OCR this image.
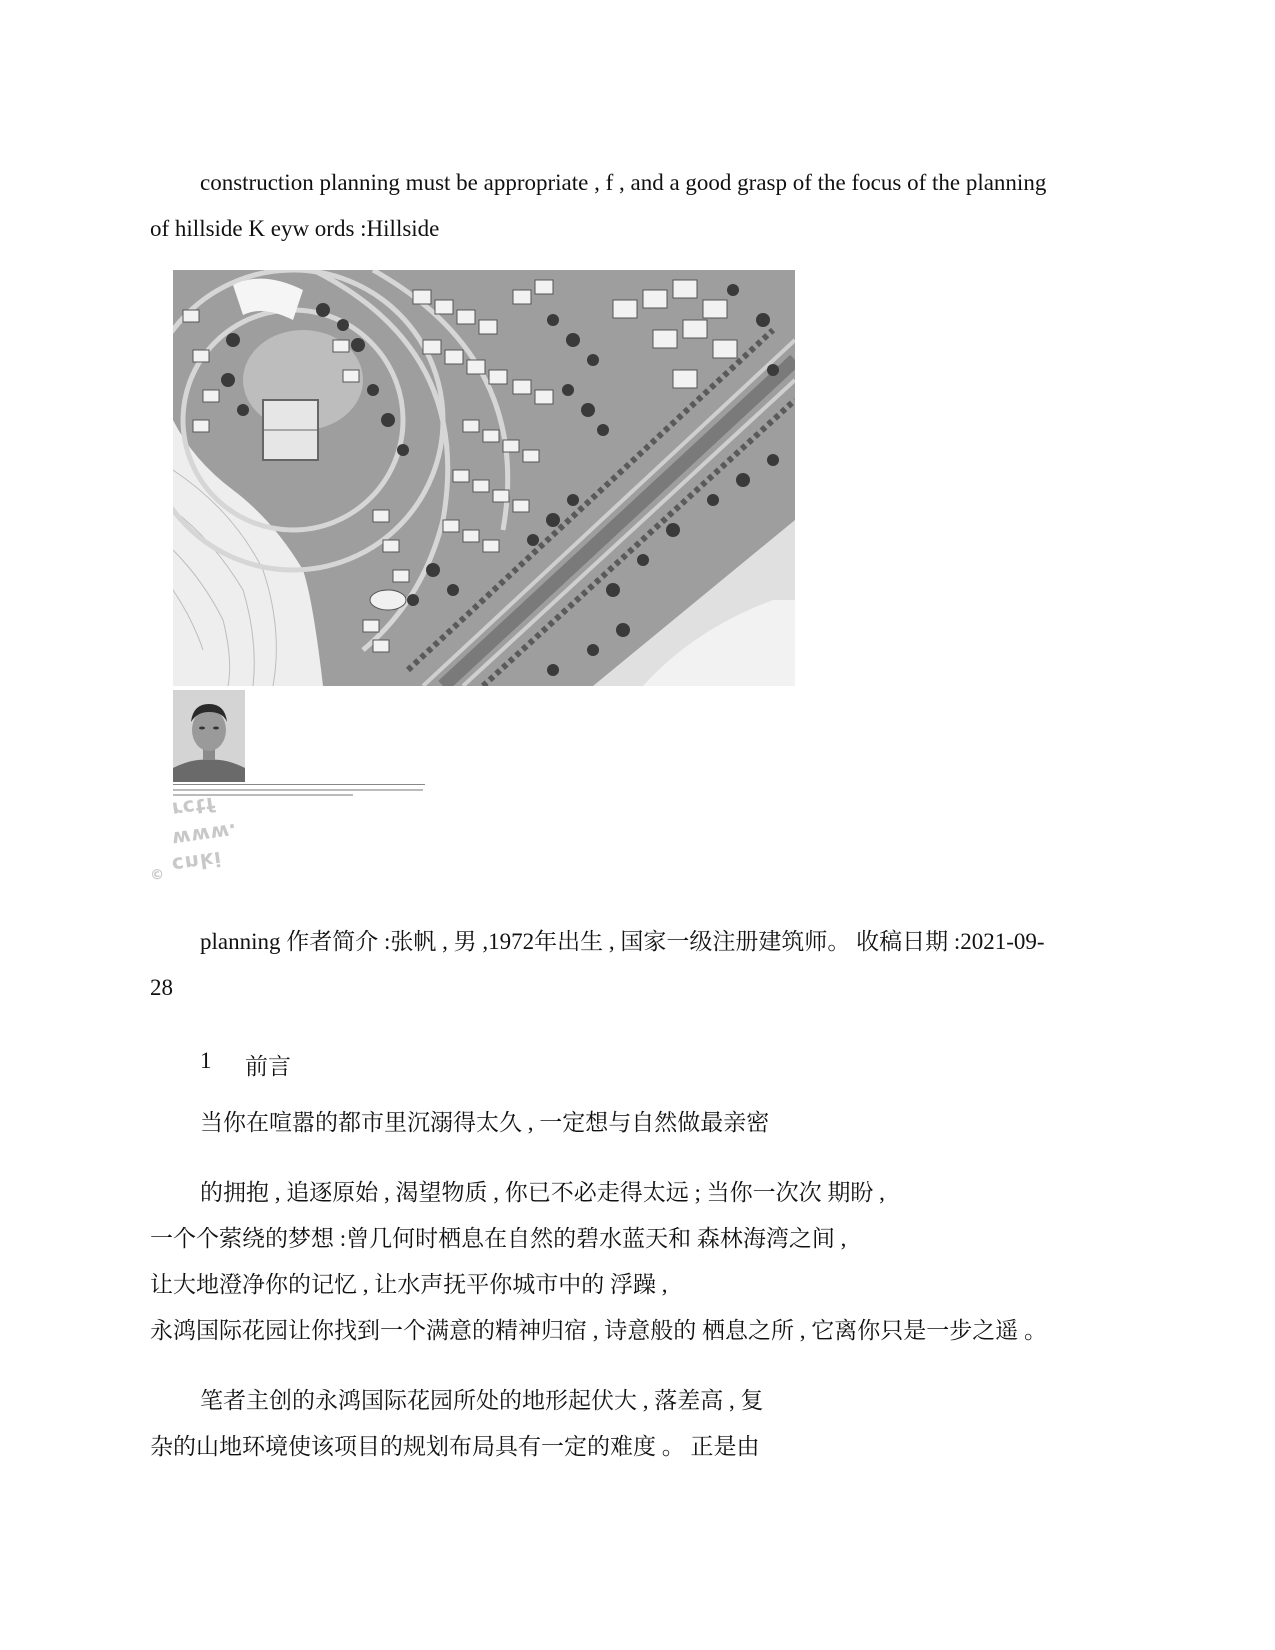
construction planning must be appropriate , f , and a good grasp of the focus of the planning
of hillside K eyw ords :Hillside
rctf
www.
cnki
©
planning 作者简介 :张帆 , 男 ,1972年出生 , 国家一级注册建筑师。 收稿日期 :2021-09-
28
1 前言
当你在喧嚣的都市里沉溺得太久 , 一定想与自然做最亲密
的拥抱 , 追逐原始 , 渴望物质 , 你已不必走得太远 ; 当你一次次 期盼 ,
一个个萦绕的梦想 :曾几何时栖息在自然的碧水蓝天和 森林海湾之间 ,
让大地澄净你的记忆 , 让水声抚平你城市中的 浮躁 ,
永鸿国际花园让你找到一个满意的精神归宿 , 诗意般的 栖息之所 , 它离你只是一步之遥 。
笔者主创的永鸿国际花园所处的地形起伏大 , 落差高 , 复
杂的山地环境使该项目的规划布局具有一定的难度 。 正是由
